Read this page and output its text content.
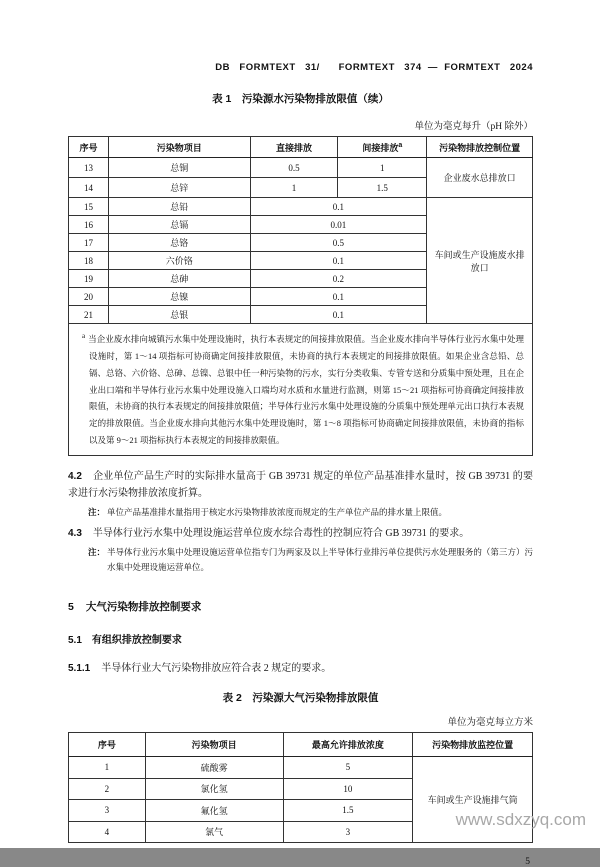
DB   FORMTEXT   31/      FORMTEXT   374  —  FORMTEXT   2024
表 1　污染源水污染物排放限值（续）
单位为毫克每升（pH 除外）
序号	污染物项目	直接排放	间接排放$^a$	污染物排放控制位置
13	总铜	0.5	1	企业废水总排放口
14	总锌	1	1.5	
15	总铅	0.1		车间或生产设施废水排放口
16	总镉	0.01		
17	总铬	0.5		
18	六价铬	0.1		
19	总砷	0.2		
20	总镍	0.1		
21	总银	0.1		

$^a$ 当企业废水排向城镇污水集中处理设施时，执行本表规定的间接排放限值。当企业废水排向半导体行业污水集中处理设施时，第 1～14 项指标可协商确定间接排放限值，未协商的执行本表规定的间接排放限值。如果企业含总铅、总镉、总铬、六价铬、总砷、总镍、总银中任一种污染物的污水，实行分类收集、专管专送和分质集中预处理，且在企业出口端和半导体行业污水集中处理设施入口端均对水质和水量进行监测，则第 15～21 项指标可协商确定间接排放限值，未协商的执行本表规定的间接排放限值；半导体行业污水集中处理设施的分质集中预处理单元出口执行本表规定的排放限值。当企业废水排向其他污水集中处理设施时，第 1～8 项指标可协商确定间接排放限值，未协商的指标以及第 9～21 项指标执行本表规定的间接排放限值。				
4.2 企业单位产品生产时的实际排水量高于 GB 39731 规定的单位产品基准排水量时，按 GB 39731 的要求进行水污染物排放浓度折算。
注： 单位产品基准排水量指用于核定水污染物排放浓度而规定的生产单位产品的排水量上限值。
4.3 半导体行业污水集中处理设施运营单位废水综合毒性的控制应符合 GB 39731 的要求。
注： 半导体行业污水集中处理设施运营单位指专门为两家及以上半导体行业排污单位提供污水处理服务的（第三方）污水集中处理设施运营单位。
5 大气污染物排放控制要求
5.1 有组织排放控制要求
5.1.1 半导体行业大气污染物排放应符合表 2 规定的要求。
表 2　污染源大气污染物排放限值
单位为毫克每立方米
序号	污染物项目	最高允许排放浓度	污染物排放监控位置
1	硫酸雾	5	车间或生产设施排气筒
2	氯化氢	10	
3	氟化氢	1.5	
4	氯气	3	
5
www.sdxzyq.com
